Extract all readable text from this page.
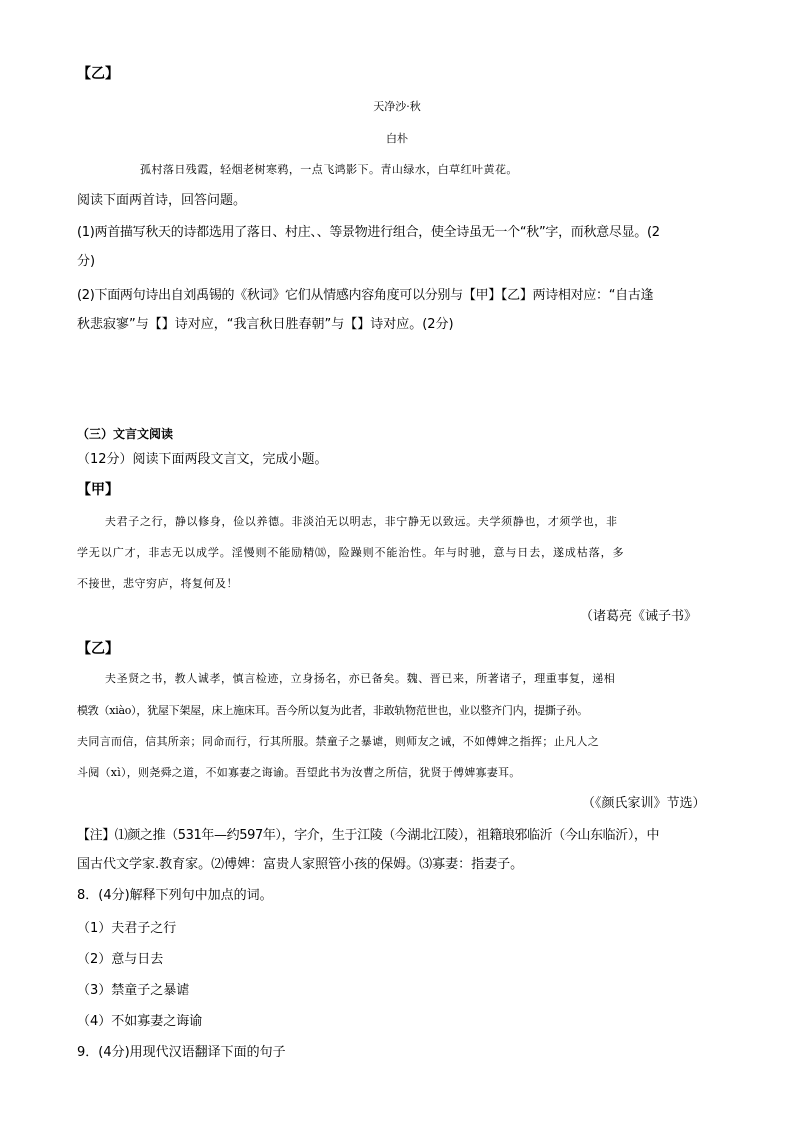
【乙】
天净沙·秋
白朴
孤村落日残霞，轻烟老树寒鸦，一点飞鸿影下。青山绿水，白草红叶黄花。
阅读下面两首诗，回答问题。
(1)两首描写秋天的诗都选用了落日、村庄、、等景物进行组合，使全诗虽无一个“秋”字，而秋意尽显。(2
分)
(2)下面两句诗出自刘禹锡的《秋词》它们从情感内容角度可以分别与【甲】【乙】两诗相对应：“自古逢
秋悲寂寥”与【】诗对应，“我言秋日胜春朝”与【】诗对应。(2分)
（三）文言文阅读
（12分）阅读下面两段文言文，完成小题。
【甲】
夫君子之行，静以修身，俭以养德。非淡泊无以明志，非宁静无以致远。夫学须静也，才须学也，非
学无以广才，非志无以成学。淫慢则不能励精⒅，险躁则不能治性。年与时驰，意与日去，遂成枯落，多
不接世，悲守穷庐，将复何及！
（诸葛亮《诫子书》
【乙】
夫圣贤之书，教人诚孝，慎言检迹，立身扬名，亦已备矣。魏、晋已来，所著诸子，理重事复，递相
模敩（xiào），犹屋下架屋，床上施床耳。吾今所以复为此者，非敢轨物范世也，业以整齐门内，提撕子孙。
夫同言而信，信其所亲；同命而行，行其所服。禁童子之暴谑，则师友之诫，不如傅婢之指挥；止凡人之
斗阋（xì），则尧舜之道，不如寡妻之诲谕。吾望此书为汝曹之所信，犹贤于傅婢寡妻耳。
（《颜氏家训》节选）
【注】⑴颜之推（531年—约597年），字介，生于江陵（今湖北江陵），祖籍琅邪临沂（今山东临沂），中
国古代文学家.教育家。⑵傅婢：富贵人家照管小孩的保姆。⑶寡妻：指妻子。
8．(4分)解释下列句中加点的词。
（1）夫君子之行
（2）意与日去
（3）禁童子之暴谑
（4）不如寡妻之诲谕
9．(4分)用现代汉语翻译下面的句子
